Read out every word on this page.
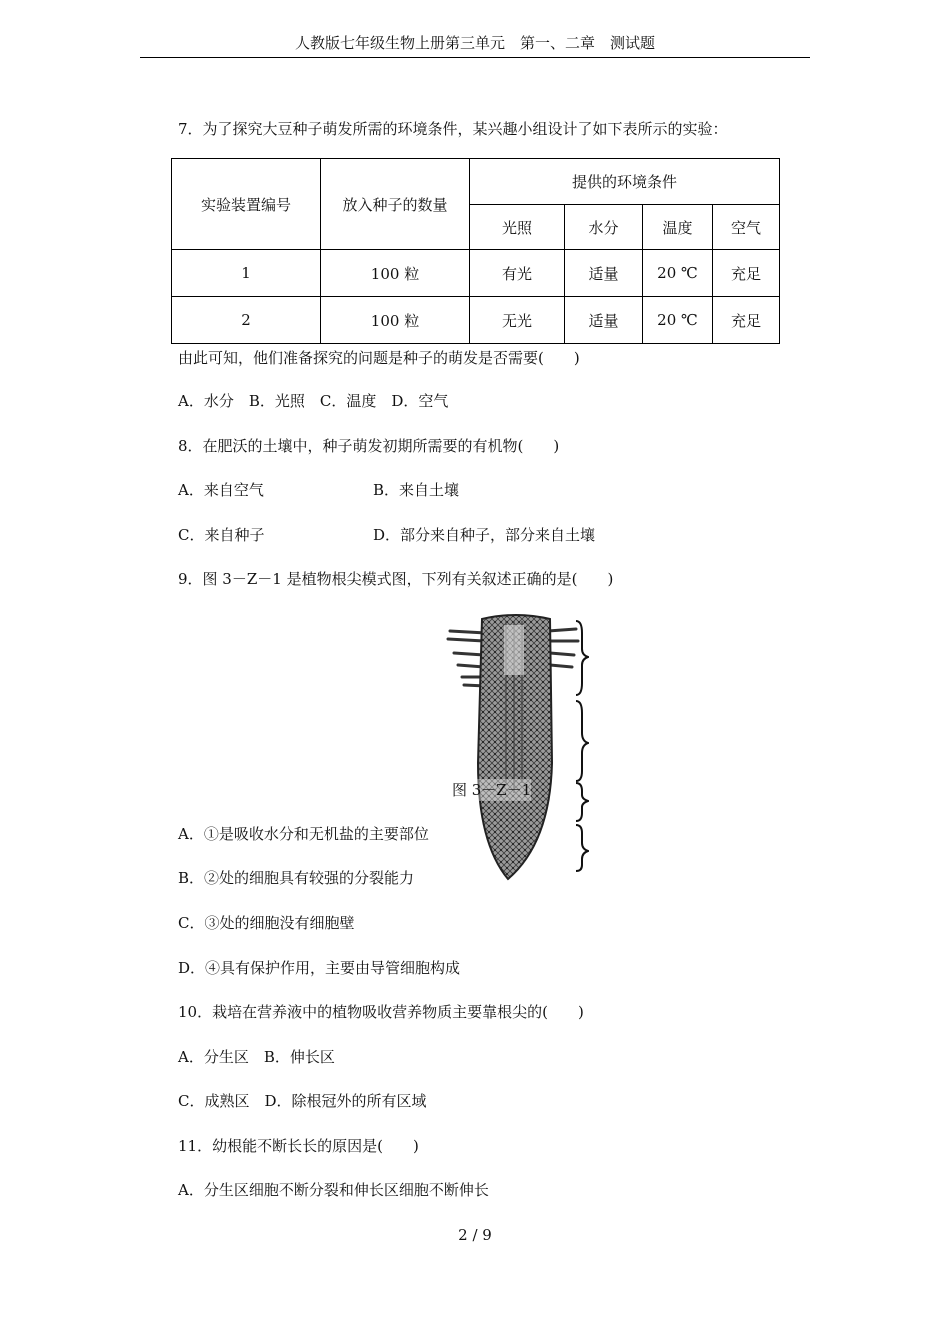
人教版七年级生物上册第三单元　第一、二章　测试题
7．为了探究大豆种子萌发所需的环境条件，某兴趣小组设计了如下表所示的实验：
实验装置编号	放入种子的数量	提供的环境条件			
		光照	水分	温度	空气
1	100 粒	有光	适量	20 ℃	充足
2	100 粒	无光	适量	20 ℃	充足
由此可知，他们准备探究的问题是种子的萌发是否需要(　　)
A．水分　B．光照　C．温度　D．空气
8．在肥沃的土壤中，种子萌发初期所需要的有机物(　　)
A．来自空气	B．来自土壤
C．来自种子	D．部分来自种子，部分来自土壤
9．图 3－Z－1 是植物根尖模式图，下列有关叙述正确的是(　　)
图 3－Z－1
A．①是吸收水分和无机盐的主要部位
B．②处的细胞具有较强的分裂能力
C．③处的细胞没有细胞壁
D．④具有保护作用，主要由导管细胞构成
10．栽培在营养液中的植物吸收营养物质主要靠根尖的(　　)
A．分生区　B．伸长区
C．成熟区　D．除根冠外的所有区域
11．幼根能不断长长的原因是(　　)
A．分生区细胞不断分裂和伸长区细胞不断伸长
2 / 9
